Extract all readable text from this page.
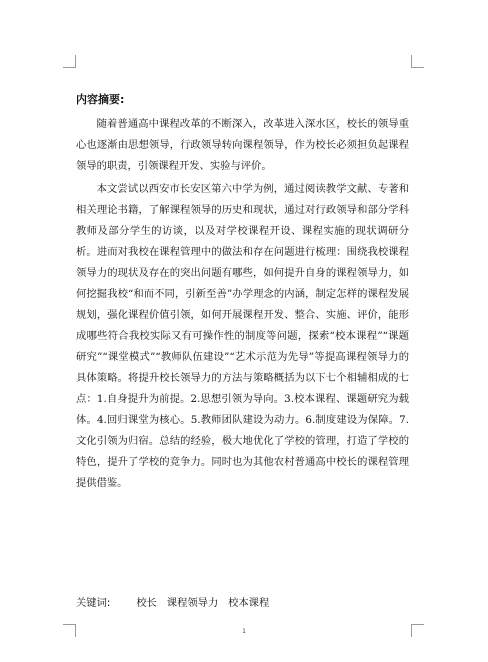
内容摘要:

随着普通高中课程改革的不断深入，改革进入深水区，校长的领导重心也逐渐由思想领导，行政领导转向课程领导，作为校长必须担负起课程领导的职责，引领课程开发、实验与评价。

本文尝试以西安市长安区第六中学为例，通过阅读教学文献、专著和相关理论书籍，了解课程领导的历史和现状，通过对行政领导和部分学科教师及部分学生的访谈，以及对学校课程开设、课程实施的现状调研分析。进而对我校在课程管理中的做法和存在问题进行梳理：围绕我校课程领导力的现状及存在的突出问题有哪些，如何提升自身的课程领导力，如何挖掘我校“和而不同，引新至善”办学理念的内涵，制定怎样的课程发展规划，强化课程价值引领，如何开展课程开发、整合、实施、评价，能形成哪些符合我校实际又有可操作性的制度等问题，探索“校本课程”“课题研究”“课堂模式”“教师队伍建设”“艺术示范为先导”等提高课程领导力的具体策略。将提升校长领导力的方法与策略概括为以下七个相辅相成的七点：1.自身提升为前提。2.思想引领为导向。3.校本课程、课题研究为载体。4.回归课堂为核心。5.教师团队建设为动力。6.制度建设为保障。7.文化引领为归宿。总结的经验，极大地优化了学校的管理，打造了学校的特色，提升了学校的竞争力。同时也为其他农村普通高中校长的课程管理提供借鉴。

关键词:	校长   课程领导力   校本课程
1
